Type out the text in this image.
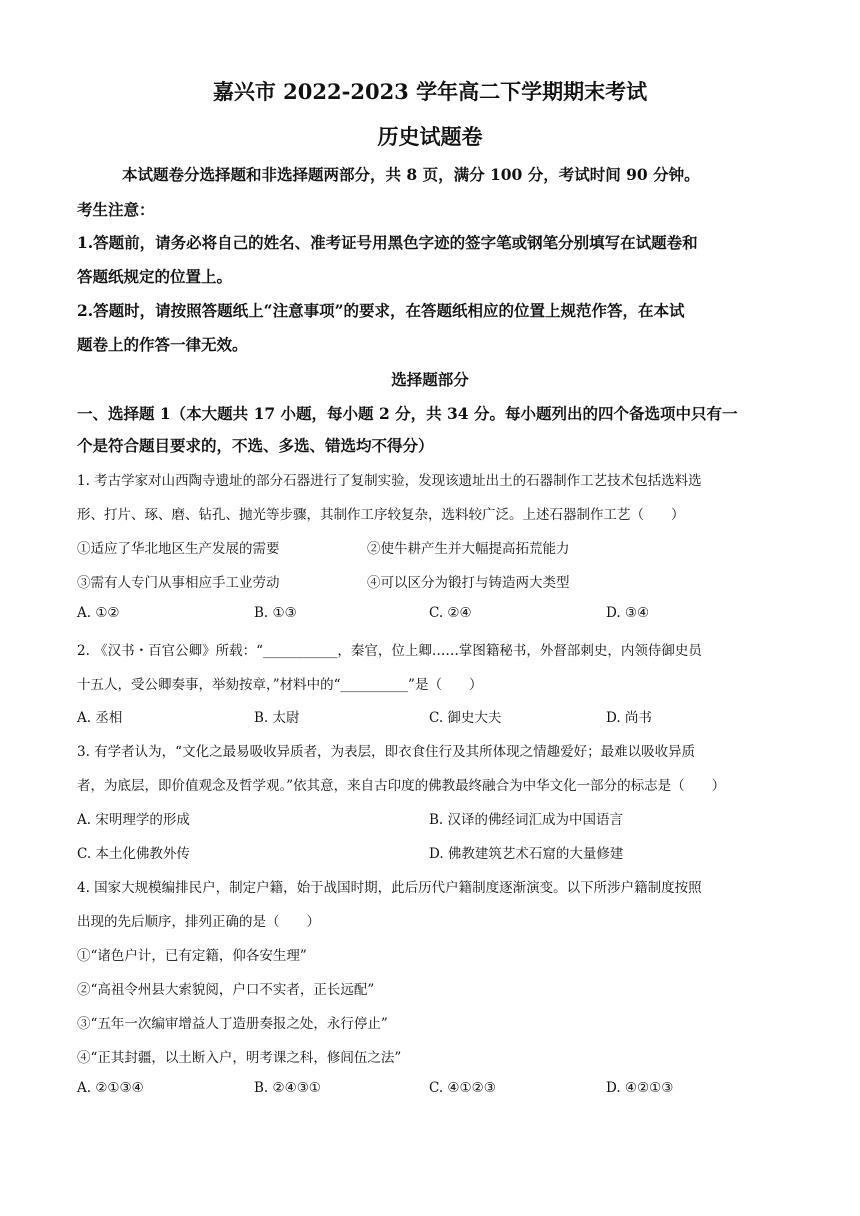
嘉兴市 2022-2023 学年高二下学期期末考试
历史试题卷
本试题卷分选择题和非选择题两部分，共 8 页，满分 100 分，考试时间 90 分钟。
考生注意：
1.答题前，请务必将自己的姓名、准考证号用黑色字迹的签字笔或钢笔分别填写在试题卷和
答题纸规定的位置上。
2.答题时，请按照答题纸上“注意事项”的要求，在答题纸相应的位置上规范作答，在本试
题卷上的作答一律无效。
选择题部分
一、选择题 1（本大题共 17 小题，每小题 2 分，共 34 分。每小题列出的四个备选项中只有一
个是符合题目要求的，不选、多选、错选均不得分）
1. 考古学家对山西陶寺遗址的部分石器进行了复制实验，发现该遗址出土的石器制作工艺技术包括选料选
形、打片、琢、磨、钻孔、抛光等步骤，其制作工序较复杂，选料较广泛。上述石器制作工艺（　　）
①适应了华北地区生产发展的需要	②使牛耕产生并大幅提高拓荒能力
③需有人专门从事相应手工业劳动	④可以区分为锻打与铸造两大类型
A. ①②	B. ①③	C. ②④	D. ③④
2. 《汉书・百官公卿》所载：“___________，秦官，位上卿……掌图籍秘书，外督部刺史，内领侍御史员
十五人，受公卿奏事，举劾按章，”材料中的“__________”是（　　）
A. 丞相	B. 太尉	C. 御史大夫	D. 尚书
3. 有学者认为，“文化之最易吸收异质者，为表层，即衣食住行及其所体现之情趣爱好；最难以吸收异质
者，为底层，即价值观念及哲学观。”依其意，来自古印度的佛教最终融合为中华文化一部分的标志是（　　）
A. 宋明理学的形成	B. 汉译的佛经词汇成为中国语言
C. 本土化佛教外传	D. 佛教建筑艺术石窟的大量修建
4. 国家大规模编排民户，制定户籍，始于战国时期，此后历代户籍制度逐渐演变。以下所涉户籍制度按照
出现的先后顺序，排列正确的是（　　）
①“诸色户计，已有定籍，仰各安生理”
②“高祖令州县大索貌阅，户口不实者，正长远配”
③“五年一次编审增益人丁造册奏报之处，永行停止”
④“正其封疆，以土断入户，明考课之科，修闾伍之法”
A. ②①③④	B. ②④③①	C. ④①②③	D. ④②①③
